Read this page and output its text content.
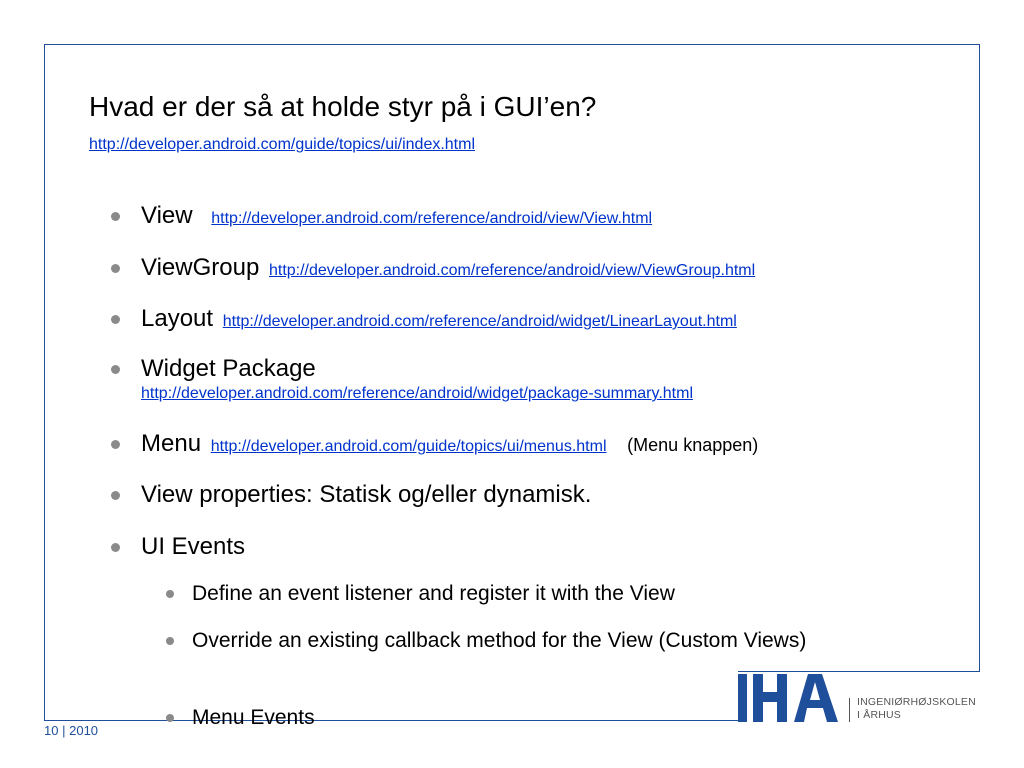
Hvad er der så at holde styr på i GUI’en?
http://developer.android.com/guide/topics/ui/index.html
View http://developer.android.com/reference/android/view/View.html
ViewGroup http://developer.android.com/reference/android/view/ViewGroup.html
Layout http://developer.android.com/reference/android/widget/LinearLayout.html
Widget Package
http://developer.android.com/reference/android/widget/package-summary.html
Menu http://developer.android.com/guide/topics/ui/menus.html (Menu knappen)
View properties: Statisk og/eller dynamisk.
UI Events
Define an event listener and register it with the View
Override an existing callback method for the View (Custom Views)
Menu Events
10 | 2010
INGENIØRHØJSKOLEN
I ÅRHUS
